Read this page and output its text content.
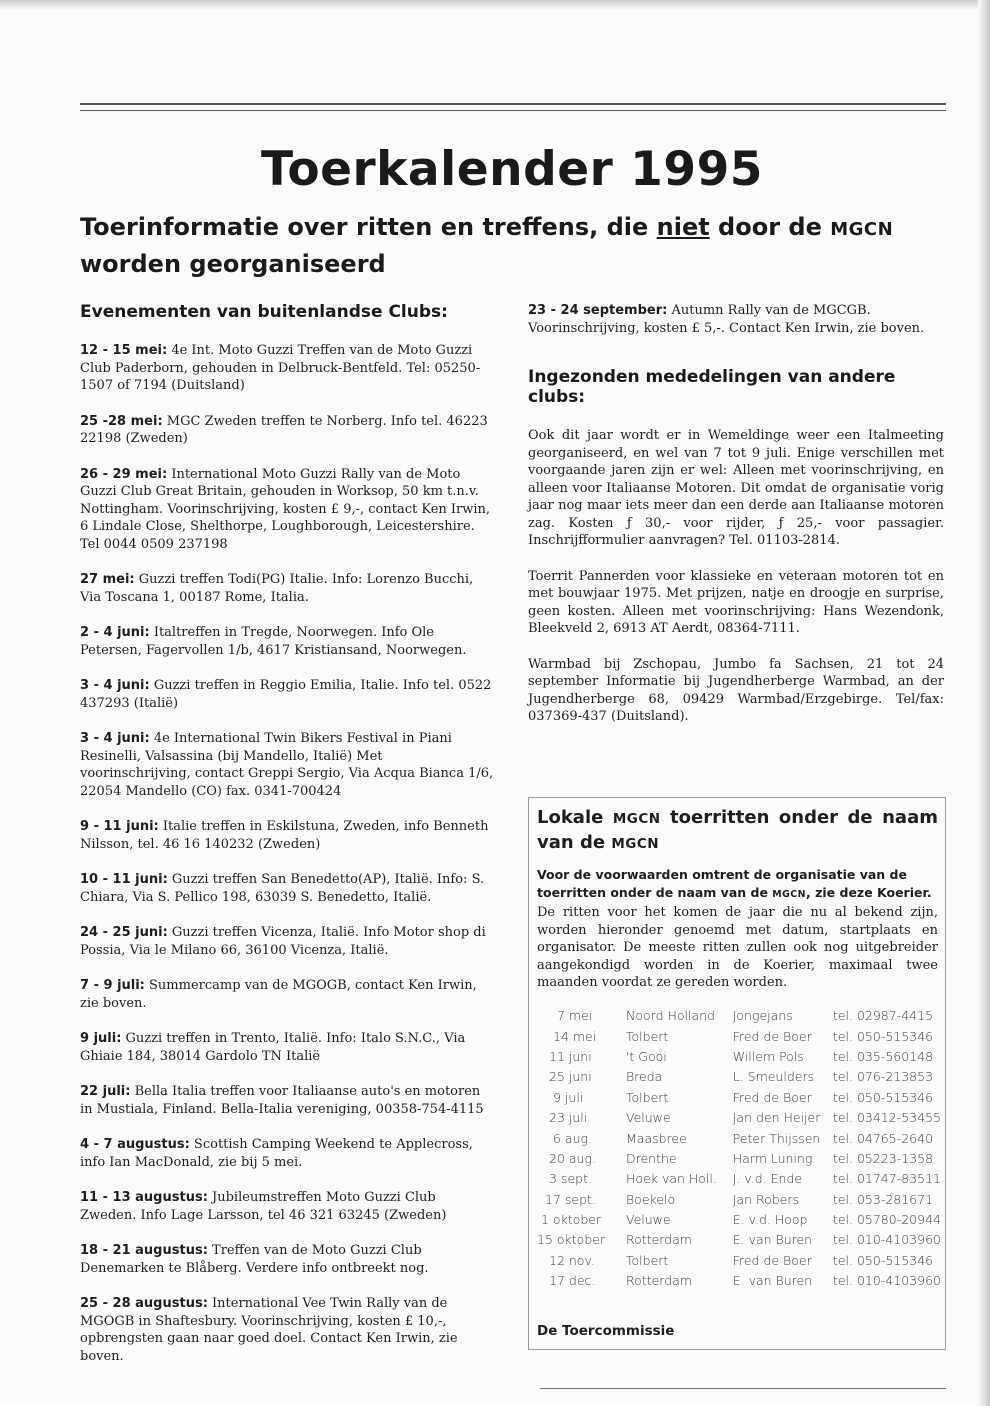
Toerkalender 1995
Toerinformatie over ritten en treffens, die niet door de MGCN worden georganiseerd
Evenementen van buitenlandse Clubs:

12 - 15 mei: 4e Int. Moto Guzzi Treffen van de Moto Guzzi Club Paderborn, gehouden in Delbruck-Bentfeld. Tel: 05250-1507 of 7194 (Duitsland)

25 -28 mei: MGC Zweden treffen te Norberg. Info tel. 46223 22198 (Zweden)

26 - 29 mei: International Moto Guzzi Rally van de Moto Guzzi Club Great Britain, gehouden in Worksop, 50 km t.n.v. Nottingham. Voorinschrijving, kosten £ 9,-, contact Ken Irwin, 6 Lindale Close, Shelthorpe, Loughborough, Leicestershire. Tel 0044 0509 237198

27 mei: Guzzi treffen Todi(PG) Italie. Info: Lorenzo Bucchi, Via Toscana 1, 00187 Rome, Italia.

2 - 4 juni: Italtreffen in Tregde, Noorwegen. Info Ole Petersen, Fagervollen 1/b, 4617 Kristiansand, Noorwegen.

3 - 4 juni: Guzzi treffen in Reggio Emilia, Italie. Info tel. 0522 437293 (Italië)

3 - 4 juni: 4e International Twin Bikers Festival in Piani Resinelli, Valsassina (bij Mandello, Italië) Met voorinschrijving, contact Greppi Sergio, Via Acqua Bianca 1/6, 22054 Mandello (CO) fax. 0341-700424

9 - 11 juni: Italie treffen in Eskilstuna, Zweden, info Benneth Nilsson, tel. 46 16 140232 (Zweden)

10 - 11 juni: Guzzi treffen San Benedetto(AP), Italië. Info: S. Chiara, Via S. Pellico 198, 63039 S. Benedetto, Italië.

24 - 25 juni: Guzzi treffen Vicenza, Italië. Info Motor shop di Possia, Via le Milano 66, 36100 Vicenza, Italië.

7 - 9 juli: Summercamp van de MGOGB, contact Ken Irwin, zie boven.

9 juli: Guzzi treffen in Trento, Italië. Info: Italo S.N.C., Via Ghiaie 184, 38014 Gardolo TN Italië

22 juli: Bella Italia treffen voor Italiaanse auto's en motoren in Mustiala, Finland. Bella-Italia vereniging, 00358-754-4115

4 - 7 augustus: Scottish Camping Weekend te Applecross, info Ian MacDonald, zie bij 5 mei.

11 - 13 augustus: Jubileumstreffen Moto Guzzi Club Zweden. Info Lage Larsson, tel 46 321 63245 (Zweden)

18 - 21 augustus: Treffen van de Moto Guzzi Club Denemarken te Blåberg. Verdere info ontbreekt nog.

25 - 28 augustus: International Vee Twin Rally van de MGOGB in Shaftesbury. Voorinschrijving, kosten £ 10,-, opbrengsten gaan naar goed doel. Contact Ken Irwin, zie boven.

23 - 24 september: Autumn Rally van de MGCGB. Voorinschrijving, kosten £ 5,-. Contact Ken Irwin, zie boven.

Ingezonden mededelingen van andere clubs:

Ook dit jaar wordt er in Wemeldinge weer een Italmeeting georganiseerd, en wel van 7 tot 9 juli. Enige verschillen met voorgaande jaren zijn er wel: Alleen met voorinschrijving, en alleen voor Italiaanse Motoren. Dit omdat de organisatie vorig jaar nog maar iets meer dan een derde aan Italiaanse motoren zag. Kosten ƒ 30,- voor rijder, ƒ 25,- voor passagier. Inschrijfformulier aanvragen? Tel. 01103-2814.

Toerrit Pannerden voor klassieke en veteraan motoren tot en met bouwjaar 1975. Met prijzen, natje en droogje en surprise, geen kosten. Alleen met voorinschrijving: Hans Wezendonk, Bleekveld 2, 6913 AT Aerdt, 08364-7111.

Warmbad bij Zschopau, Jumbo fa Sachsen, 21 tot 24 september Informatie bij Jugendherberge Warmbad, an der Jugendherberge 68, 09429 Warmbad/Erzgebirge. Tel/fax: 037369-437 (Duitsland).

Lokale MGCN toerritten onder de naam van de MGCN

Voor de voorwaarden omtrent de organisatie van de toerritten onder de naam van de MGCN, zie deze Koerier.

De ritten voor het komen de jaar die nu al bekend zijn, worden hieronder genoemd met datum, startplaats en organisator. De meeste ritten zullen ook nog uitgebreider aangekondigd worden in de Koerier, maximaal twee maanden voordat ze gereden worden.

7 mei	Noord Holland	Jongejans	tel. 02987-4415
14 mei	Tolbert	Fred de Boer	tel. 050-515346
11 juni	't Gooi	Willem Pols	tel. 035-560148
25 juni	Breda	L. Smeulders	tel. 076-213853
9 juli	Tolbert	Fred de Boer	tel. 050-515346
23 juli	Veluwe	Jan den Heijer	tel. 03412-53455
6 aug.	Maasbree	Peter Thijssen	tel. 04765-2640
20 aug.	Drenthe	Harm Luning	tel. 05223-1358
3 sept.	Hoek van Holl.	J. v.d. Ende	tel. 01747-83511
17 sept.	Boekelo	Jan Robers	tel. 053-281671
1 oktober	Veluwe	E. v.d. Hoop	tel. 05780-20944
15 oktober	Rotterdam	E. van Buren	tel. 010-4103960
12 nov.	Tolbert	Fred de Boer	tel. 050-515346
17 dec.	Rotterdam	E. van Buren	tel. 010-4103960

De Toercommissie
